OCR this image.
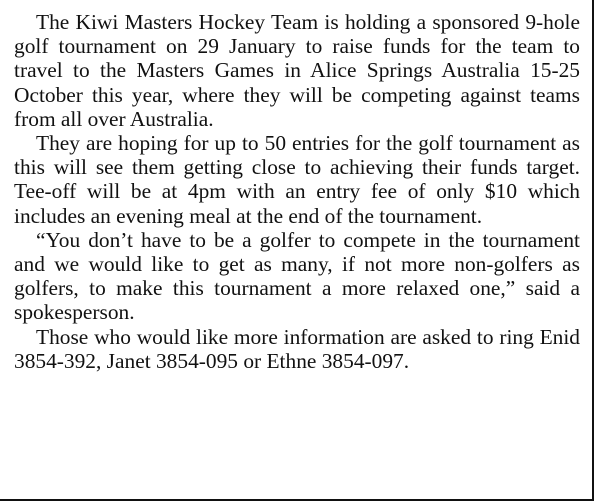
The Kiwi Masters Hockey Team is holding a sponsored 9-hole golf tournament on 29 January to raise funds for the team to travel to the Masters Games in Alice Springs Australia 15-25 October this year, where they will be competing against teams from all over Australia.

They are hoping for up to 50 entries for the golf tournament as this will see them getting close to achieving their funds target. Tee-off will be at 4pm with an entry fee of only $10 which includes an evening meal at the end of the tournament.

“You don’t have to be a golfer to compete in the tournament and we would like to get as many, if not more non-golfers as golfers, to make this tournament a more relaxed one,” said a spokesperson.

Those who would like more information are asked to ring Enid 3854-392, Janet 3854-095 or Ethne 3854-097.
